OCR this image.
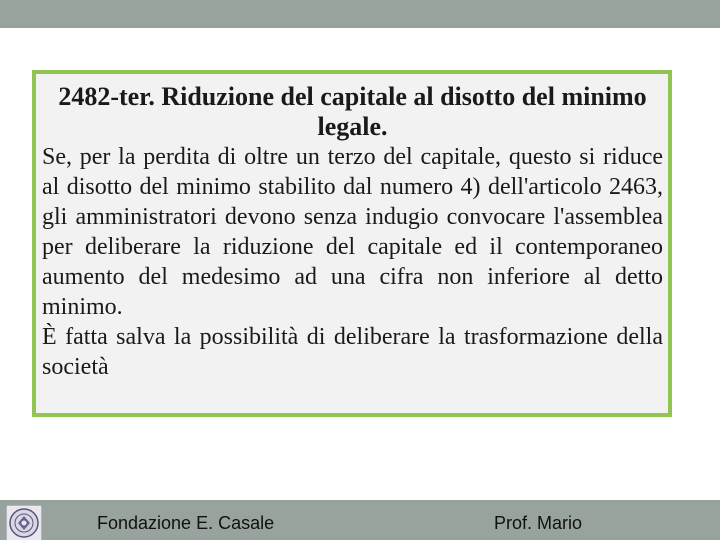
2482-ter. Riduzione del capitale al disotto del minimo legale.

Se, per la perdita di oltre un terzo del capitale, questo si riduce al disotto del minimo stabilito dal numero 4) dell'articolo 2463, gli amministratori devono senza indugio convocare l'assemblea per deliberare la riduzione del capitale ed il contemporaneo aumento del medesimo ad una cifra non inferiore al detto minimo.

È fatta salva la possibilità di deliberare la trasformazione della società

Fondazione E. Casale	Prof. Mario
